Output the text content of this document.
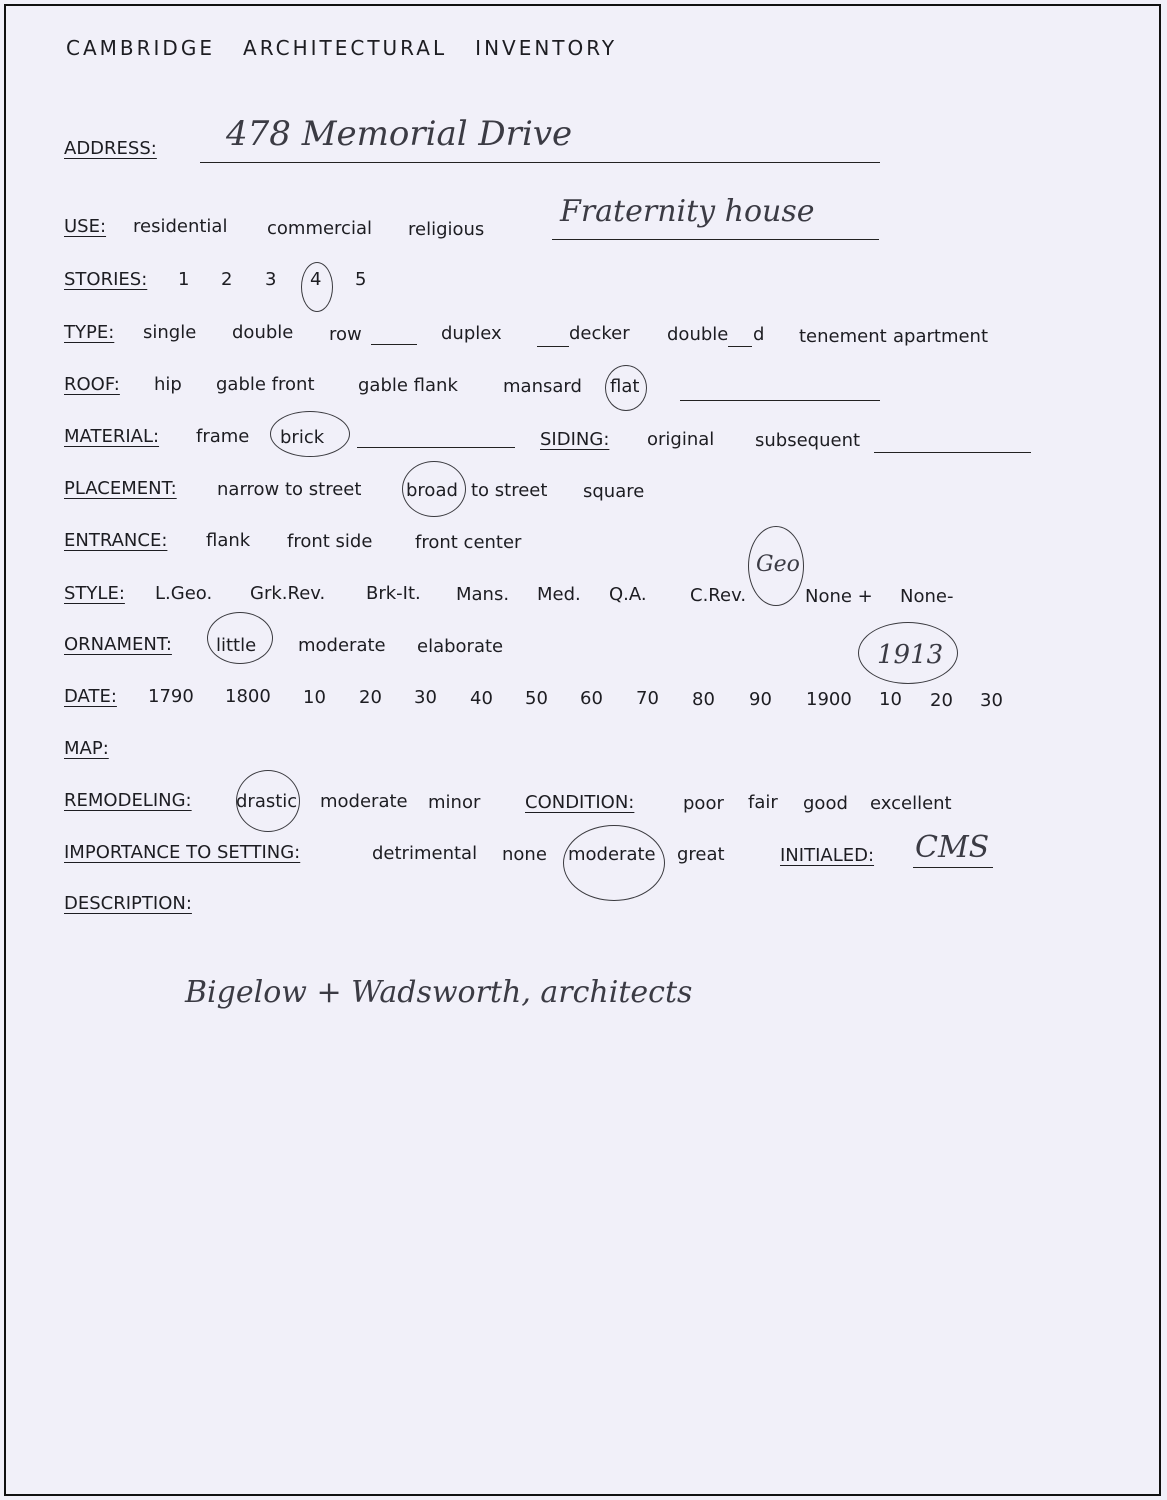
CAMBRIDGE   ARCHITECTURAL   INVENTORY
ADDRESS: 478 Memorial Drive
USE: residential commercial religious
Fraternity house
STORIES: 1 2 3 4 5
TYPE: single double row	duplex	decker double d tenement apartment
ROOF: hip gable front gable flank	mansard flat
MATERIAL: frame brick	SIDING: original subsequent
PLACEMENT: narrow to street broad to street square
ENTRANCE: flank front side front center
STYLE: L.Geo. Grk.Rev. Brk-It. Mans. Med. Q.A. C.Rev.
Geo
None + None-
ORNAMENT: little moderate elaborate
DATE: 1790 1800 10 20 30 40 50 60 70 80 90 1900 10 20 30
1913
MAP:
REMODELING: drastic moderate minor CONDITION:	poor fair good excellent
IMPORTANCE TO SETTING:	detrimental none moderate great	INITIALED: CMS
DESCRIPTION:
Bigelow + Wadsworth, architects
